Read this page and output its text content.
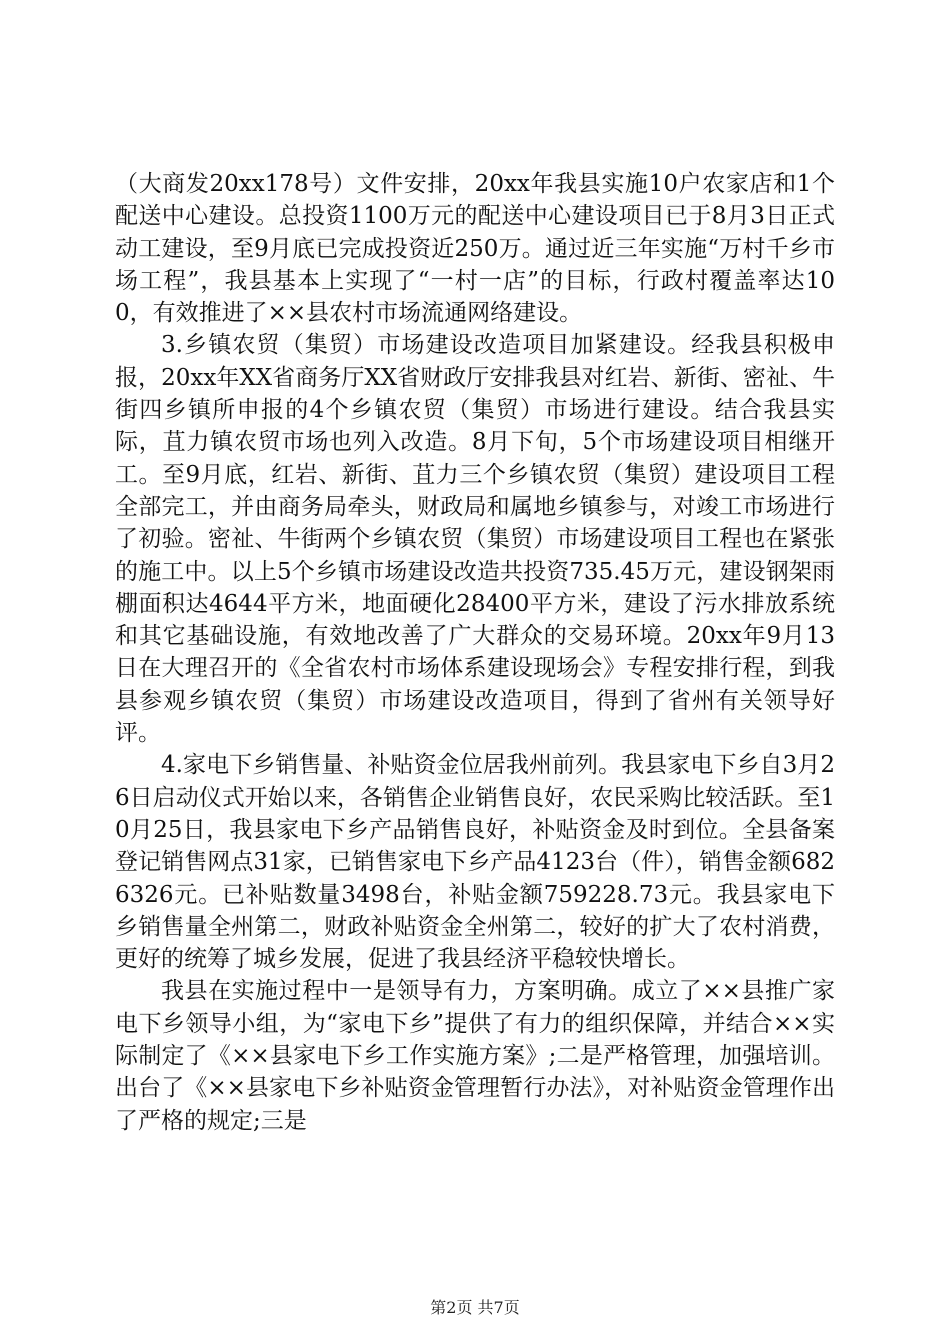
（大商发20xx178号）文件安排，20xx年我县实施10户农家店和1个配送中心建设。总投资1100万元的配送中心建设项目已于8月3日正式动工建设，至9月底已完成投资近250万。通过近三年实施“万村千乡市场工程”，我县基本上实现了“一村一店”的目标，行政村覆盖率达100，有效推进了××县农村市场流通网络建设。

3.乡镇农贸（集贸）市场建设改造项目加紧建设。经我县积极申报，20xx年XX省商务厅XX省财政厅安排我县对红岩、新街、密祉、牛街四乡镇所申报的4个乡镇农贸（集贸）市场进行建设。结合我县实际，苴力镇农贸市场也列入改造。8月下旬，5个市场建设项目相继开工。至9月底，红岩、新街、苴力三个乡镇农贸（集贸）建设项目工程全部完工，并由商务局牵头，财政局和属地乡镇参与，对竣工市场进行了初验。密祉、牛街两个乡镇农贸（集贸）市场建设项目工程也在紧张的施工中。以上5个乡镇市场建设改造共投资735.45万元，建设钢架雨棚面积达4644平方米，地面硬化28400平方米，建设了污水排放系统和其它基础设施，有效地改善了广大群众的交易环境。20xx年9月13日在大理召开的《全省农村市场体系建设现场会》专程安排行程，到我县参观乡镇农贸（集贸）市场建设改造项目，得到了省州有关领导好评。

4.家电下乡销售量、补贴资金位居我州前列。我县家电下乡自3月26日启动仪式开始以来，各销售企业销售良好，农民采购比较活跃。至10月25日，我县家电下乡产品销售良好，补贴资金及时到位。全县备案登记销售网点31家，已销售家电下乡产品4123台（件），销售金额6826326元。已补贴数量3498台，补贴金额759228.73元。我县家电下乡销售量全州第二，财政补贴资金全州第二，较好的扩大了农村消费，更好的统筹了城乡发展，促进了我县经济平稳较快增长。

我县在实施过程中一是领导有力，方案明确。成立了××县推广家电下乡领导小组，为“家电下乡”提供了有力的组织保障，并结合××实际制定了《××县家电下乡工作实施方案》;二是严格管理，加强培训。出台了《××县家电下乡补贴资金管理暂行办法》，对补贴资金管理作出了严格的规定;三是

第2页 共7页
